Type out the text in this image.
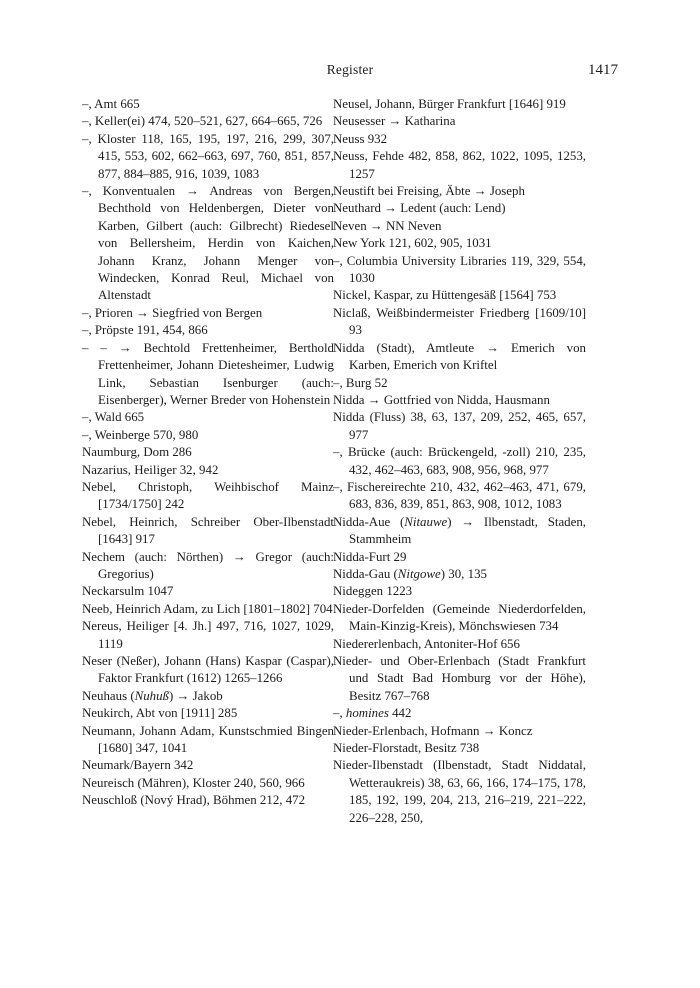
Register	1417
–, Amt 665
–, Keller(ei) 474, 520–521, 627, 664–665, 726
–, Kloster 118, 165, 195, 197, 216, 299, 307, 415, 553, 602, 662–663, 697, 760, 851, 857, 877, 884–885, 916, 1039, 1083
–, Konventualen → Andreas von Bergen, Bechthold von Heldenbergen, Dieter von Karben, Gilbert (auch: Gilbrecht) Riedesel von Bellersheim, Herdin von Kaichen, Johann Kranz, Johann Menger von Windecken, Konrad Reul, Michael von Altenstadt
–, Prioren → Siegfried von Bergen
–, Pröpste 191, 454, 866
– – → Bechtold Frettenheimer, Berthold Frettenheimer, Johann Dietesheimer, Ludwig Link, Sebastian Isenburger (auch: Eisenberger), Werner Breder von Hohenstein
–, Wald 665
–, Weinberge 570, 980
Naumburg, Dom 286
Nazarius, Heiliger 32, 942
Nebel, Christoph, Weihbischof Mainz [1734/1750] 242
Nebel, Heinrich, Schreiber Ober-Ilbenstadt [1643] 917
Nechem (auch: Nörthen) → Gregor (auch: Gregorius)
Neckarsulm 1047
Neeb, Heinrich Adam, zu Lich [1801–1802] 704
Nereus, Heiliger [4. Jh.] 497, 716, 1027, 1029, 1119
Neser (Neßer), Johann (Hans) Kaspar (Caspar), Faktor Frankfurt (1612) 1265–1266
Neuhaus (Nuhuß) → Jakob
Neukirch, Abt von [1911] 285
Neumann, Johann Adam, Kunstschmied Bingen [1680] 347, 1041
Neumark/Bayern 342
Neureisch (Mähren), Kloster 240, 560, 966
Neuschloß (Nový Hrad), Böhmen 212, 472
Neusel, Johann, Bürger Frankfurt [1646] 919
Neusesser → Katharina
Neuss 932
Neuss, Fehde 482, 858, 862, 1022, 1095, 1253, 1257
Neustift bei Freising, Äbte → Joseph
Neuthard → Ledent (auch: Lend)
Neven → NN Neven
New York 121, 602, 905, 1031
–, Columbia University Libraries 119, 329, 554, 1030
Nickel, Kaspar, zu Hüttengesäß [1564] 753
Niclaß, Weißbindermeister Friedberg [1609/10] 93
Nidda (Stadt), Amtleute → Emerich von Karben, Emerich von Kriftel
–, Burg 52
Nidda → Gottfried von Nidda, Hausmann
Nidda (Fluss) 38, 63, 137, 209, 252, 465, 657, 977
–, Brücke (auch: Brückengeld, -zoll) 210, 235, 432, 462–463, 683, 908, 956, 968, 977
–, Fischereirechte 210, 432, 462–463, 471, 679, 683, 836, 839, 851, 863, 908, 1012, 1083
Nidda-Aue (Nitauwe) → Ilbenstadt, Staden, Stammheim
Nidda-Furt 29
Nidda-Gau (Nitgowe) 30, 135
Nideggen 1223
Nieder-Dorfelden (Gemeinde Niederdorfelden, Main-Kinzig-Kreis), Mönchswiesen 734
Niedererlenbach, Antoniter-Hof 656
Nieder- und Ober-Erlenbach (Stadt Frankfurt und Stadt Bad Homburg vor der Höhe), Besitz 767–768
–, homines 442
Nieder-Erlenbach, Hofmann → Koncz
Nieder-Florstadt, Besitz 738
Nieder-Ilbenstadt (Ilbenstadt, Stadt Niddatal, Wetteraukreis) 38, 63, 66, 166, 174–175, 178, 185, 192, 199, 204, 213, 216–219, 221–222, 226–228, 250,
